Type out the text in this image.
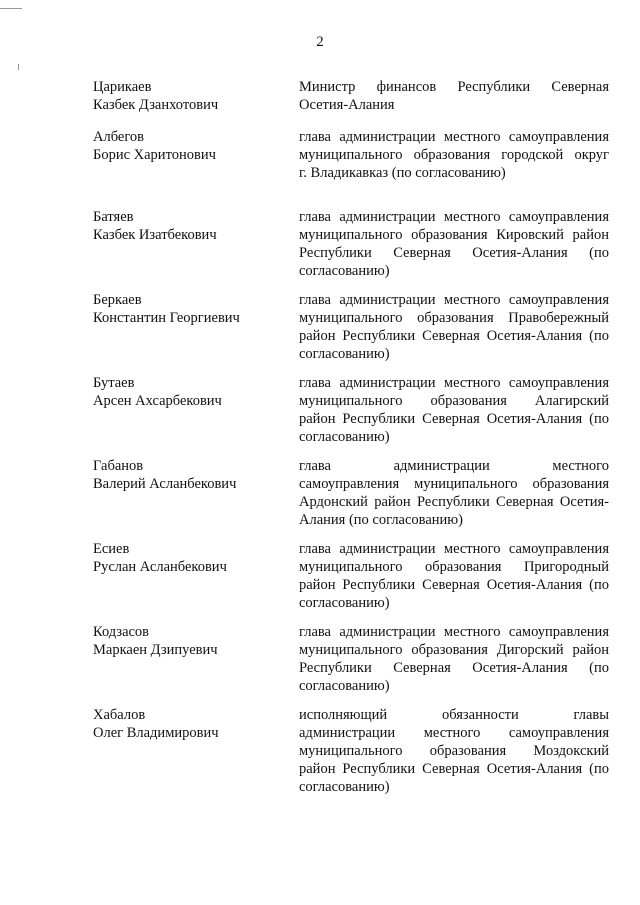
2
Царикаев
Казбек Дзанхотович
Министр финансов Республики Северная
Осетия-Алания
Албегов
Борис Харитонович
глава администрации местного самоуправления
муниципального образования городской округ
г. Владикавказ (по согласованию)
Батяев
Казбек Изатбекович
глава администрации местного самоуправления
муниципального образования Кировский район
Республики Северная Осетия-Алания (по
согласованию)
Беркаев
Константин Георгиевич
глава администрации местного самоуправления
муниципального образования Правобережный
район Республики Северная Осетия-Алания (по
согласованию)
Бутаев
Арсен Ахсарбекович
глава администрации местного самоуправления
муниципального образования Алагирский
район Республики Северная Осетия-Алания (по
согласованию)
Габанов
Валерий Асланбекович
глава администрации местного
самоуправления муниципального образования
Ардонский район Республики Северная Осетия-
Алания (по согласованию)
Есиев
Руслан Асланбекович
глава администрации местного самоуправления
муниципального образования Пригородный
район Республики Северная Осетия-Алания (по
согласованию)
Кодзасов
Маркаен Дзипуевич
глава администрации местного самоуправления
муниципального образования Дигорский район
Республики Северная Осетия-Алания (по
согласованию)
Хабалов
Олег Владимирович
исполняющий обязанности главы
администрации местного самоуправления
муниципального образования Моздокский
район Республики Северная Осетия-Алания (по
согласованию)
